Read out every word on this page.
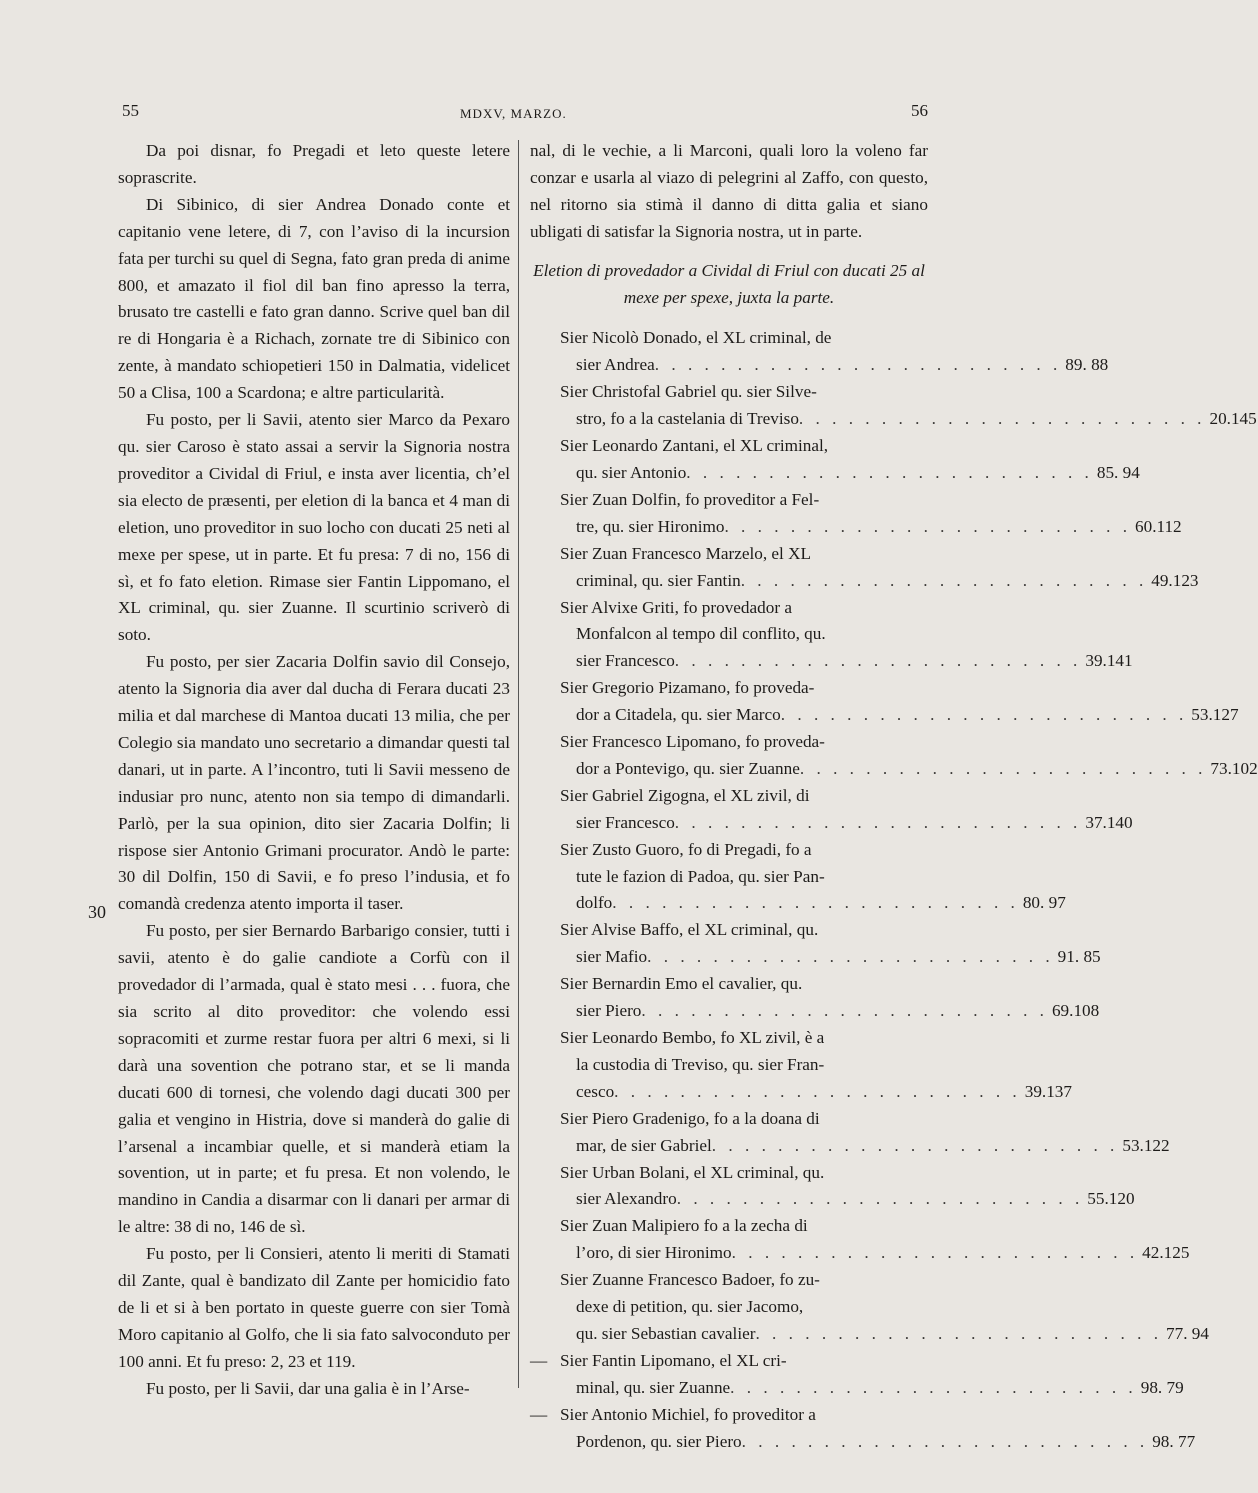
55	MDXV, MARZO.	56
30

Da poi disnar, fo Pregadi et leto queste letere soprascrite.

Di Sibinico, di sier Andrea Donado conte et capitanio vene letere, di 7, con l’aviso di la incursion fata per turchi su quel di Segna, fato gran preda di anime 800, et amazato il fiol dil ban fino apresso la terra, brusato tre castelli e fato gran danno. Scrive quel ban dil re di Hongaria è a Richach, zornate tre di Sibinico con zente, à mandato schiopetieri 150 in Dalmatia, videlicet 50 a Clisa, 100 a Scardona; e altre particularità.

Fu posto, per li Savii, atento sier Marco da Pexaro qu. sier Caroso è stato assai a servir la Signoria nostra proveditor a Cividal di Friul, e insta aver licentia, ch’el sia electo de præsenti, per eletion di la banca et 4 man di eletion, uno proveditor in suo locho con ducati 25 neti al mexe per spese, ut in parte. Et fu presa: 7 di no, 156 di sì, et fo fato eletion. Rimase sier Fantin Lippomano, el XL criminal, qu. sier Zuanne. Il scurtinio scriverò di soto.

Fu posto, per sier Zacaria Dolfin savio dil Consejo, atento la Signoria dia aver dal ducha di Ferara ducati 23 milia et dal marchese di Mantoa ducati 13 milia, che per Colegio sia mandato uno secretario a dimandar questi tal danari, ut in parte. A l’incontro, tuti li Savii messeno de indusiar pro nunc, atento non sia tempo di dimandarli. Parlò, per la sua opinion, dito sier Zacaria Dolfin; li rispose sier Antonio Grimani procurator. Andò le parte: 30 dil Dolfin, 150 di Savii, e fo preso l’indusia, et fo comandà credenza atento importa il taser.

Fu posto, per sier Bernardo Barbarigo consier, tutti i savii, atento è do galie candiote a Corfù con il provedador di l’armada, qual è stato mesi . . . fuora, che sia scrito al dito proveditor: che volendo essi sopracomiti et zurme restar fuora per altri 6 mexi, si li darà una sovention che potrano star, et se li manda ducati 600 di tornesi, che volendo dagi ducati 300 per galia et vengino in Histria, dove si manderà do galie di l’arsenal a incambiar quelle, et si manderà etiam la sovention, ut in parte; et fu presa. Et non volendo, le mandino in Candia a disarmar con li danari per armar di le altre: 38 di no, 146 de sì.

Fu posto, per li Consieri, atento li meriti di Stamati dil Zante, qual è bandizato dil Zante per homicidio fato de li et si à ben portato in queste guerre con sier Tomà Moro capitanio al Golfo, che li sia fato salvoconduto per 100 anni. Et fu preso: 2, 23 et 119.

Fu posto, per li Savii, dar una galia è in l’Arse-

nal, di le vechie, a li Marconi, quali loro la voleno far conzar e usarla al viazo di pelegrini al Zaffo, con questo, nel ritorno sia stimà il danno di ditta galia et siano ubligati di satisfar la Signoria nostra, ut in parte.

Eletion di provedador a Cividal di Friul con ducati 25 al mexe per spexe, juxta la parte.

Sier Nicolò Donado, el XL criminal, de
sier Andrea . . . . . . . . . . . . . . . . . . . . . . . . . 89. 88
Sier Christofal Gabriel qu. sier Silve-
stro, fo a la castelania di Treviso . . . . . . . . . . . . . . . . . . . . . . . . . 20.145
Sier Leonardo Zantani, el XL criminal,
qu. sier Antonio . . . . . . . . . . . . . . . . . . . . . . . . . 85. 94
Sier Zuan Dolfin, fo proveditor a Fel-
tre, qu. sier Hironimo . . . . . . . . . . . . . . . . . . . . . . . . . 60.112
Sier Zuan Francesco Marzelo, el XL
criminal, qu. sier Fantin . . . . . . . . . . . . . . . . . . . . . . . . . 49.123
Sier Alvixe Griti, fo provedador a
Monfalcon al tempo dil conflito, qu.
sier Francesco . . . . . . . . . . . . . . . . . . . . . . . . . 39.141
Sier Gregorio Pizamano, fo proveda-
dor a Citadela, qu. sier Marco . . . . . . . . . . . . . . . . . . . . . . . . . 53.127
Sier Francesco Lipomano, fo proveda-
dor a Pontevigo, qu. sier Zuanne . . . . . . . . . . . . . . . . . . . . . . . . . 73.102
Sier Gabriel Zigogna, el XL zivil, di
sier Francesco . . . . . . . . . . . . . . . . . . . . . . . . . 37.140
Sier Zusto Guoro, fo di Pregadi, fo a
tute le fazion di Padoa, qu. sier Pan-
dolfo . . . . . . . . . . . . . . . . . . . . . . . . . 80. 97
Sier Alvise Baffo, el XL criminal, qu.
sier Mafio . . . . . . . . . . . . . . . . . . . . . . . . . 91. 85
Sier Bernardin Emo el cavalier, qu.
sier Piero . . . . . . . . . . . . . . . . . . . . . . . . . 69.108
Sier Leonardo Bembo, fo XL zivil, è a
la custodia di Treviso, qu. sier Fran-
cesco . . . . . . . . . . . . . . . . . . . . . . . . . 39.137
Sier Piero Gradenigo, fo a la doana di
mar, de sier Gabriel . . . . . . . . . . . . . . . . . . . . . . . . . 53.122
Sier Urban Bolani, el XL criminal, qu.
sier Alexandro . . . . . . . . . . . . . . . . . . . . . . . . . 55.120
Sier Zuan Malipiero fo a la zecha di
l’oro, di sier Hironimo . . . . . . . . . . . . . . . . . . . . . . . . . 42.125
Sier Zuanne Francesco Badoer, fo zu-
dexe di petition, qu. sier Jacomo,
qu. sier Sebastian cavalier . . . . . . . . . . . . . . . . . . . . . . . . . 77. 94
— Sier Fantin Lipomano, el XL cri-
minal, qu. sier Zuanne . . . . . . . . . . . . . . . . . . . . . . . . . 98. 79
— Sier Antonio Michiel, fo proveditor a
Pordenon, qu. sier Piero . . . . . . . . . . . . . . . . . . . . . . . . . 98. 77
